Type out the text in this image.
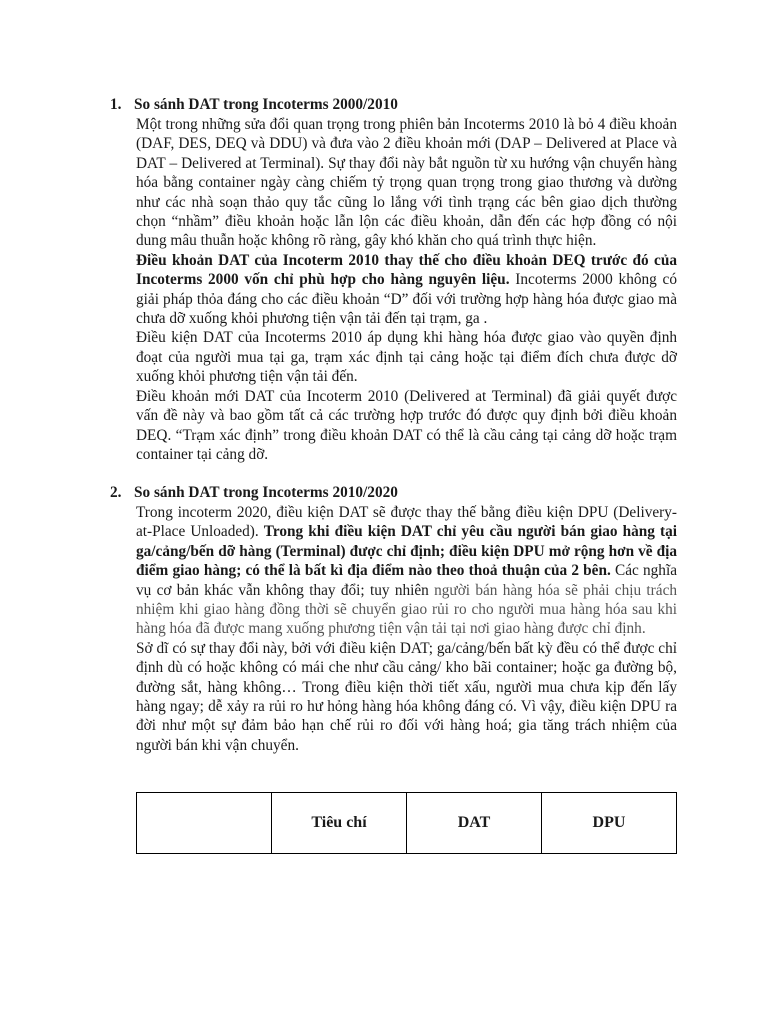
1. So sánh DAT trong Incoterms 2000/2010

Một trong những sửa đổi quan trọng trong phiên bản Incoterms 2010 là bỏ 4 điều khoản (DAF, DES, DEQ và DDU) và đưa vào 2 điều khoản mới (DAP – Delivered at Place và DAT – Delivered at Terminal). Sự thay đổi này bắt nguồn từ xu hướng vận chuyển hàng hóa bằng container ngày càng chiếm tỷ trọng quan trọng trong giao thương và dường như các nhà soạn thảo quy tắc cũng lo lắng với tình trạng các bên giao dịch thường chọn “nhầm” điều khoản hoặc lẫn lộn các điều khoản, dẫn đến các hợp đồng có nội dung mâu thuẫn hoặc không rõ ràng, gây khó khăn cho quá trình thực hiện.

Điều khoản DAT của Incoterm 2010 thay thế cho điều khoản DEQ trước đó của Incoterms 2000 vốn chỉ phù hợp cho hàng nguyên liệu. Incoterms 2000 không có giải pháp thỏa đáng cho các điều khoản “D” đối với trường hợp hàng hóa được giao mà chưa dỡ xuống khỏi phương tiện vận tải đến tại trạm, ga .

Điều kiện DAT của Incoterms 2010 áp dụng khi hàng hóa được giao vào quyền định đoạt của người mua tại ga, trạm xác định tại cảng hoặc tại điểm đích chưa được dỡ xuống khỏi phương tiện vận tải đến.

Điều khoản mới DAT của Incoterm 2010 (Delivered at Terminal) đã giải quyết được vấn đề này và bao gồm tất cả các trường hợp trước đó được quy định bởi điều khoản DEQ. “Trạm xác định” trong điều khoản DAT có thể là cầu cảng tại cảng dỡ hoặc trạm container tại cảng dỡ.

2. So sánh DAT trong Incoterms 2010/2020

Trong incoterm 2020, điều kiện DAT sẽ được thay thế bằng điều kiện DPU (Delivery-at-Place Unloaded). Trong khi điều kiện DAT chỉ yêu cầu người bán giao hàng tại ga/cảng/bến dỡ hàng (Terminal) được chỉ định; điều kiện DPU mở rộng hơn về địa điểm giao hàng; có thể là bất kì địa điểm nào theo thoả thuận của 2 bên. Các nghĩa vụ cơ bản khác vẫn không thay đổi; tuy nhiên người bán hàng hóa sẽ phải chịu trách nhiệm khi giao hàng đồng thời sẽ chuyển giao rủi ro cho người mua hàng hóa sau khi hàng hóa đã được mang xuống phương tiện vận tải tại nơi giao hàng được chỉ định.

Sở dĩ có sự thay đổi này, bởi với điều kiện DAT; ga/cảng/bến bất kỳ đều có thể được chỉ định dù có hoặc không có mái che như cầu cảng/ kho bãi container; hoặc ga đường bộ, đường sắt, hàng không… Trong điều kiện thời tiết xấu, người mua chưa kịp đến lấy hàng ngay; dễ xảy ra rủi ro hư hỏng hàng hóa không đáng có. Vì vậy, điều kiện DPU ra đời như một sự đảm bảo hạn chế rủi ro đối với hàng hoá; gia tăng trách nhiệm của người bán khi vận chuyển.

	Tiêu chí	DAT	DPU
